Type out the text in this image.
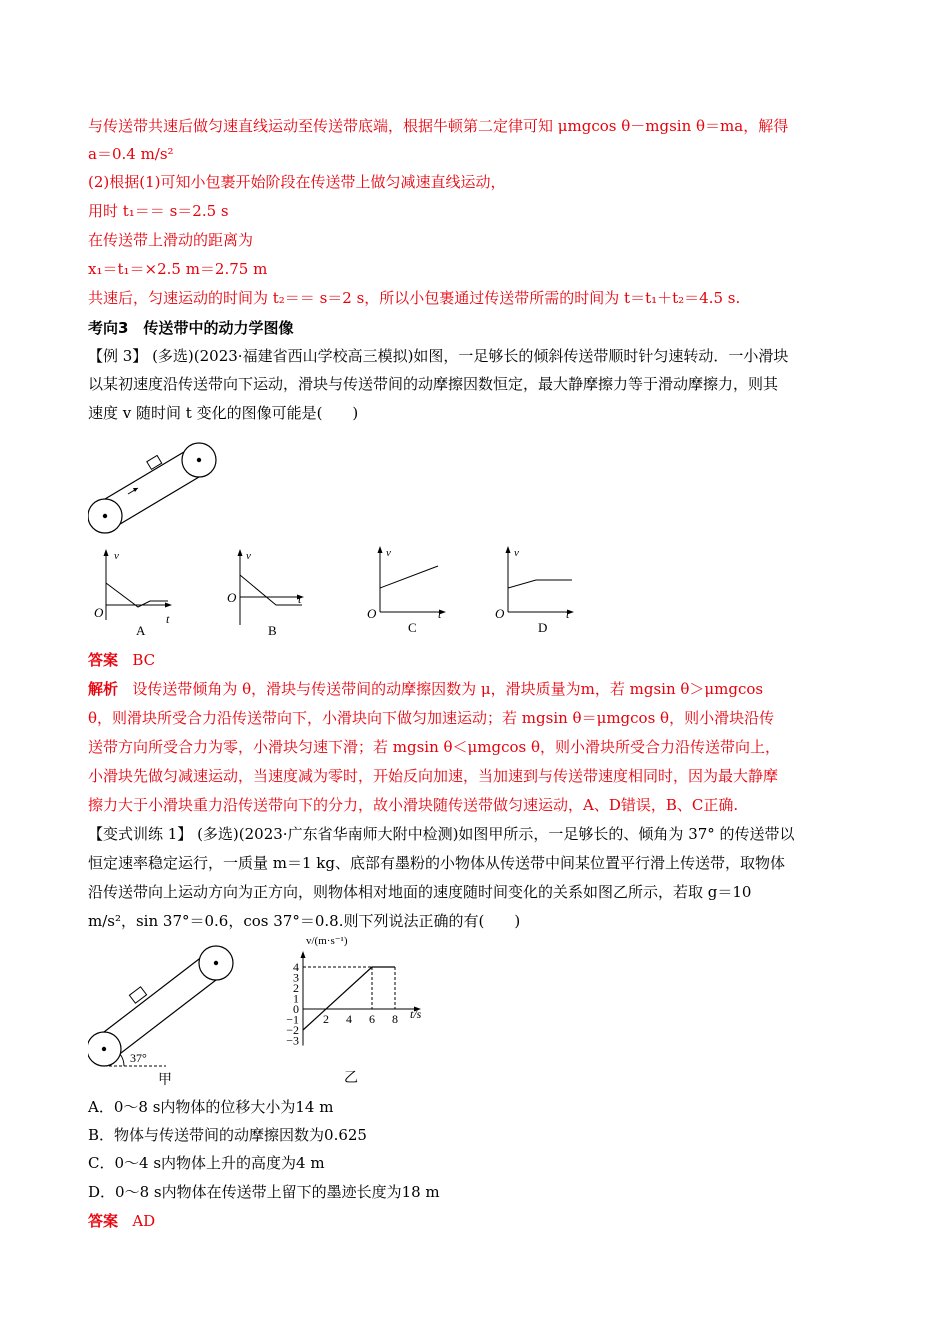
与传送带共速后做匀速直线运动至传送带底端，根据牛顿第二定律可知 μmgcos θ－mgsin θ＝ma，解得
a＝0.4 m/s²
(2)根据(1)可知小包裹开始阶段在传送带上做匀减速直线运动，
用时 t₁＝＝ s＝2.5 s
在传送带上滑动的距离为
x₁＝t₁＝×2.5 m＝2.75 m
共速后，匀速运动的时间为 t₂＝＝ s＝2 s，所以小包裹通过传送带所需的时间为 t＝t₁＋t₂＝4.5 s.
考向3　传送带中的动力学图像
【例 3】 (多选)(2023·福建省西山学校高三模拟)如图，一足够长的倾斜传送带顺时针匀速转动．一小滑块
以某初速度沿传送带向下运动，滑块与传送带间的动摩擦因数恒定，最大静摩擦力等于滑动摩擦力，则其
速度 v 随时间 t 变化的图像可能是(　　)
v
O	t
A
v
O	t
B
v
O	t
C
v
O	t
D
答案 BC
解析 设传送带倾角为 θ，滑块与传送带间的动摩擦因数为 μ，滑块质量为m，若 mgsin θ＞μmgcos
θ，则滑块所受合力沿传送带向下，小滑块向下做匀加速运动；若 mgsin θ＝μmgcos θ，则小滑块沿传
送带方向所受合力为零，小滑块匀速下滑；若 mgsin θ＜μmgcos θ，则小滑块所受合力沿传送带向上，
小滑块先做匀减速运动，当速度减为零时，开始反向加速，当加速到与传送带速度相同时，因为最大静摩
擦力大于小滑块重力沿传送带向下的分力，故小滑块随传送带做匀速运动，A、D错误，B、C正确.
【变式训练 1】 (多选)(2023·广东省华南师大附中检测)如图甲所示，一足够长的、倾角为 37° 的传送带以
恒定速率稳定运行，一质量 m＝1 kg、底部有墨粉的小物体从传送带中间某位置平行滑上传送带，取物体
沿传送带向上运动方向为正方向，则物体相对地面的速度随时间变化的关系如图乙所示，若取 g＝10
m/s²，sin 37°＝0.6，cos 37°＝0.8.则下列说法正确的有(　　)
37°
甲
4
3
2
1
0
−1
−2
−3
2 4 6 8
v/(m·s⁻¹)
t/s
乙
A．0～8 s内物体的位移大小为14 m
B．物体与传送带间的动摩擦因数为0.625
C．0～4 s内物体上升的高度为4 m
D．0～8 s内物体在传送带上留下的墨迹长度为18 m
答案 AD
